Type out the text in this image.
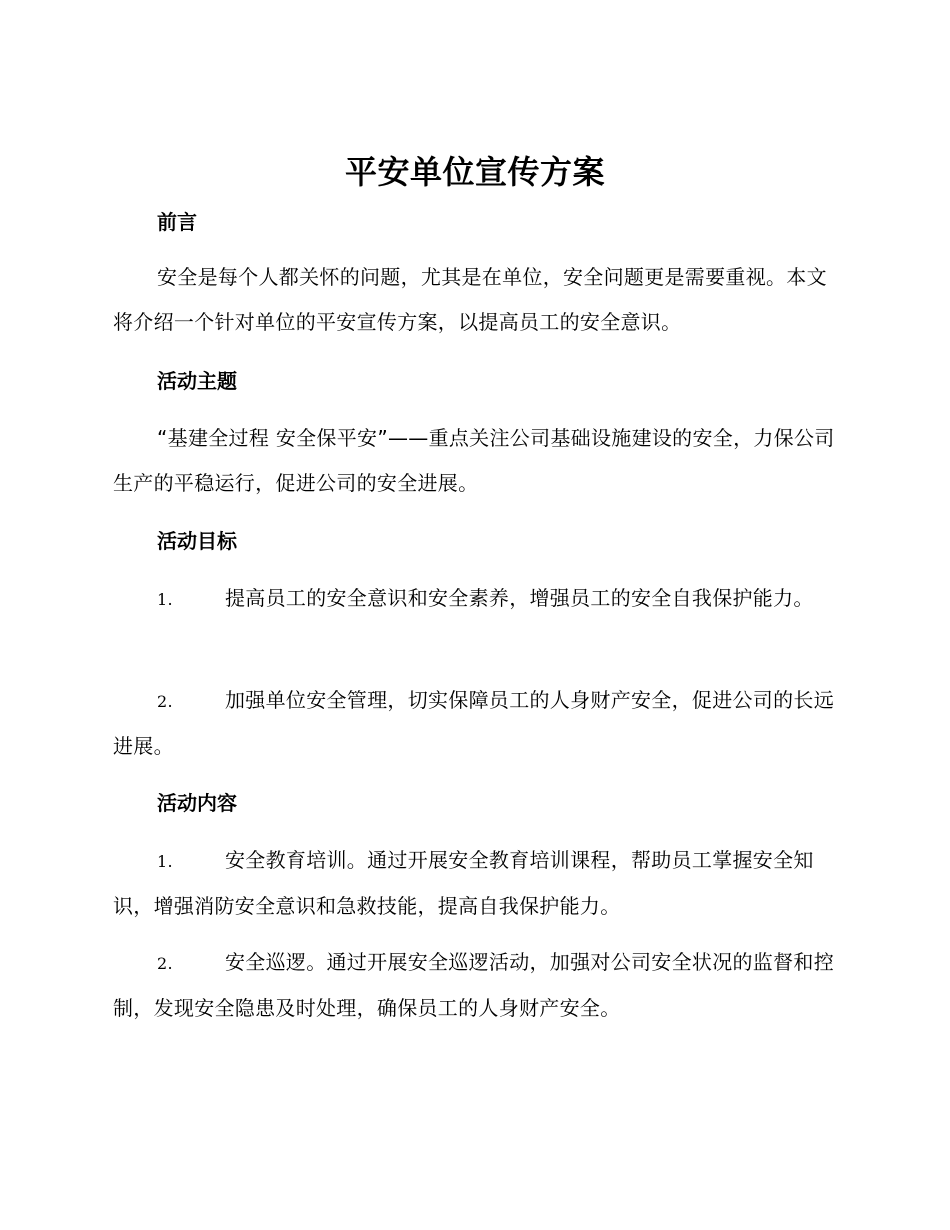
平安单位宣传方案
前言
安全是每个人都关怀的问题，尤其是在单位，安全问题更是需要重视。本文将介绍一个针对单位的平安宣传方案，以提高员工的安全意识。
活动主题
“基建全过程 安全保平安”——重点关注公司基础设施建设的安全，力保公司生产的平稳运行，促进公司的安全进展。
活动目标
1.	提高员工的安全意识和安全素养，增强员工的安全自我保护能力。
2.	加强单位安全管理，切实保障员工的人身财产安全，促进公司的长远进展。
活动内容
1.	安全教育培训。通过开展安全教育培训课程，帮助员工掌握安全知识，增强消防安全意识和急救技能，提高自我保护能力。
2.	安全巡逻。通过开展安全巡逻活动，加强对公司安全状况的监督和控制，发现安全隐患及时处理，确保员工的人身财产安全。
